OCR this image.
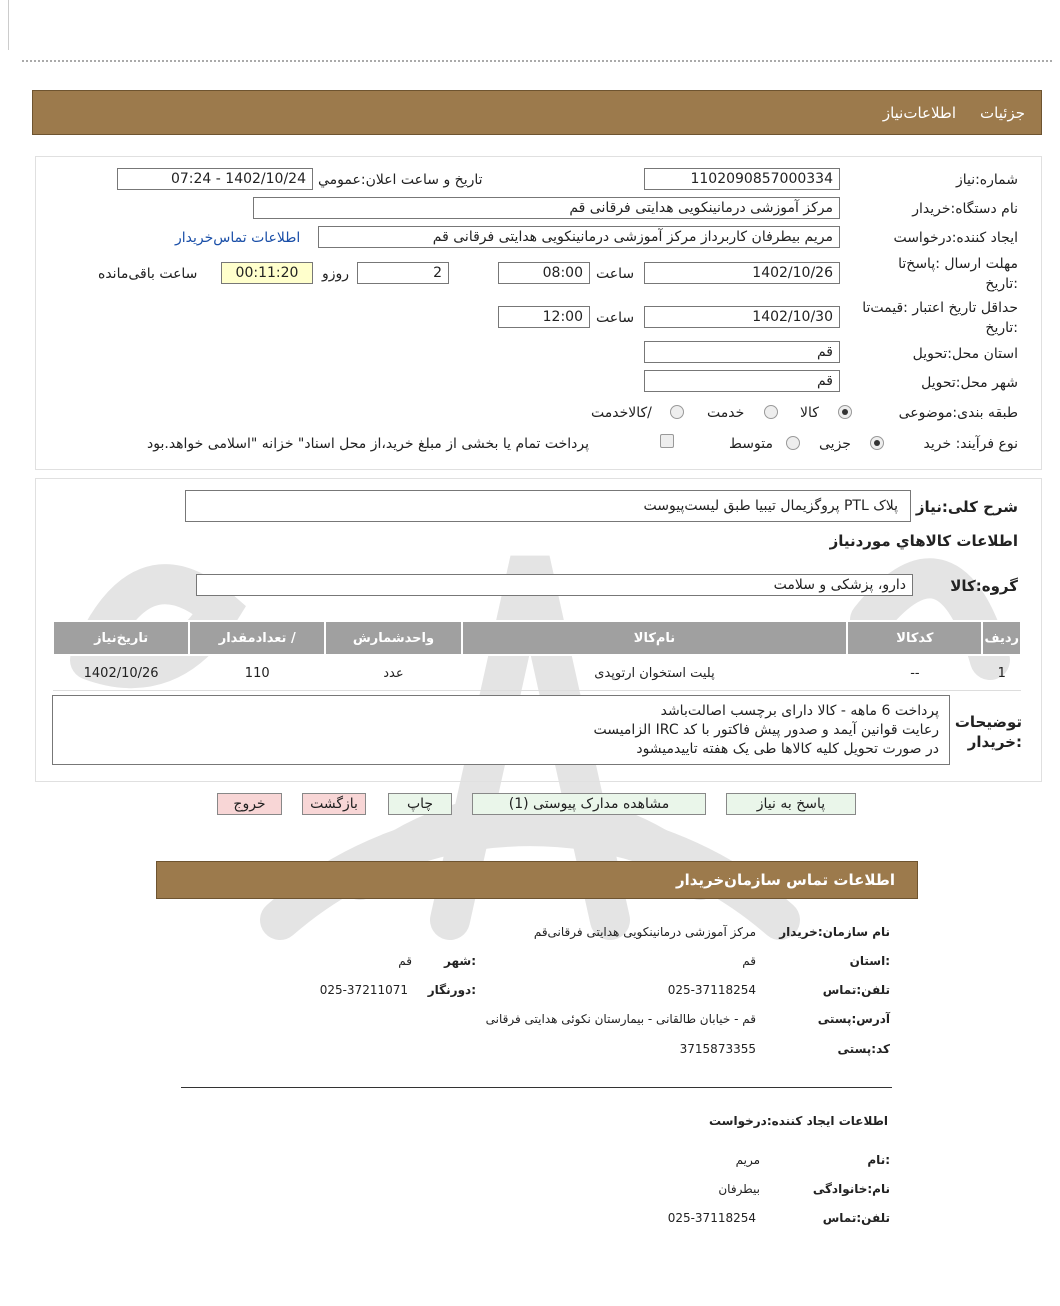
جزئیات
اطلاعات‌نیاز
شماره:نیاز
1102090857000334
تاریخ و ساعت اعلان:عمومي
1402/10/24 - 07:24
نام دستگاه:خریدار
مرکز آموزشی درمانینکویی هدایتی فرقانی قم
ایجاد کننده:درخواست
مریم بیطرفان کاربرداز مرکز آموزشی درمانینکویی هدایتی فرقانی قم
اطلاعات تماس‌خریدار
مهلت ارسال :پاسخ‌تا
:تاریخ
1402/10/26
ساعت
08:00
2
روزو
00:11:20
ساعت باقی‌مانده
حداقل تاریخ اعتبار :قیمت‌تا
:تاریخ
1402/10/30
ساعت
12:00
استان محل:تحویل
قم
شهر محل:تحویل
قم
طبقه بندی:موضوعی
کالا
خدمت
/کالاخدمت
نوع فرآیند: خرید
جزیی
متوسط
پرداخت تمام یا بخشی از مبلغ خرید،از محل اسناد" خزانه "اسلامی خواهد.بود
شرح کلی:نیاز
پلاک PTL پروگزیمال تیبیا طبق لیست‌پیوست
اطلاعات کالاهاي موردنياز
گروه:کالا
دارو، پزشکی و سلامت
ردیف	کدکالا	نام‌کالا	واحدشمارش	/ تعدادمقدار	تاریخ‌نیاز
1	--	پلیت استخوان ارتوپدی	عدد	110	1402/10/26
توضیحات
:خریدار
پرداخت 6 ماهه - کالا دارای برچسب اصالت‌باشد
رعایت قوانین آیمد و صدور پیش فاکتور با کد IRC الزامیست
در صورت تحویل کلیه کالاها طی یک هفته تاییدمیشود
پاسخ به نیاز
مشاهده مدارک پیوستی (1)
چاپ
بازگشت
خروج
اطلاعات تماس سازمان‌خریدار
نام سازمان:خریدار
مرکز آموزشی درمانینکویی هدایتی فرقانی‌قم
:استان
قم
:شهر
قم
تلفن:تماس
025-37118254
:دورنگار
025-37211071
آدرس:پستی
قم - خیابان طالقانی - بیمارستان نکوئی هدایتی فرقانی
کد:پستی
3715873355
اطلاعات ایجاد کننده:درخواست
:نام
مریم
نام:خانوادگی
بیطرفان
تلفن:تماس
025-37118254
